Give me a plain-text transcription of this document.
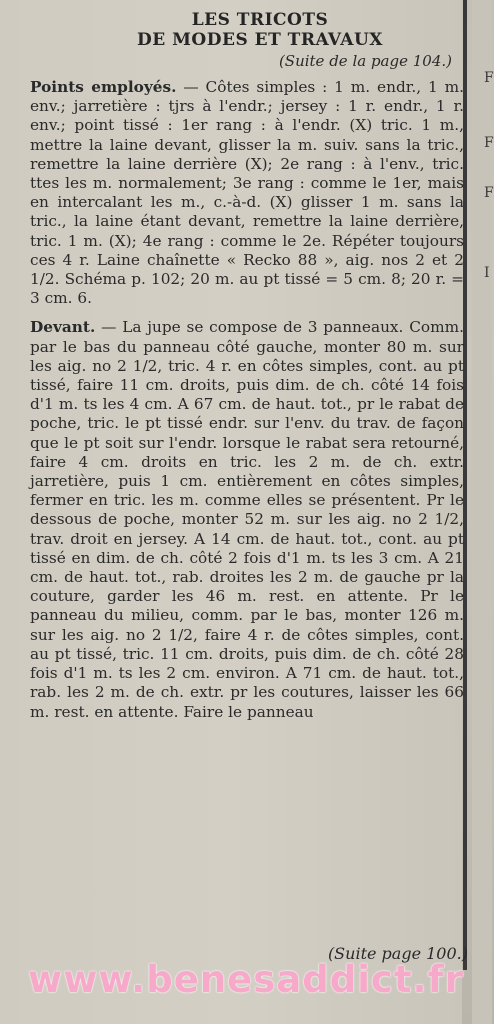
F
F
F
I
LES TRICOTS
DE MODES ET TRAVAUX
(Suite de la page 104.)

Points employés. — Côtes simples : 1 m. endr., 1 m. env.; jarretière : tjrs à l'endr.; jersey : 1 r. endr., 1 r. env.; point tissé : 1er rang : à l'endr. (X) tric. 1 m., mettre la laine devant, glisser la m. suiv. sans la tric., remettre la laine derrière (X); 2e rang : à l'env., tric. ttes les m. normalement; 3e rang : comme le 1er, mais en intercalant les m., c.-à-d. (X) glisser 1 m. sans la tric., la laine étant devant, remettre la laine derrière, tric. 1 m. (X); 4e rang : comme le 2e. Répéter toujours ces 4 r. Laine chaînette « Recko 88 », aig. nos 2 et 2 1/2. Schéma p. 102; 20 m. au pt tissé = 5 cm. 8; 20 r. = 3 cm. 6.

Devant. — La jupe se compose de 3 panneaux. Comm. par le bas du panneau côté gauche, monter 80 m. sur les aig. no 2 1/2, tric. 4 r. en côtes simples, cont. au pt tissé, faire 11 cm. droits, puis dim. de ch. côté 14 fois d'1 m. ts les 4 cm. A 67 cm. de haut. tot., pr le rabat de poche, tric. le pt tissé endr. sur l'env. du trav. de façon que le pt soit sur l'endr. lorsque le rabat sera retourné, faire 4 cm. droits en tric. les 2 m. de ch. extr. jarretière, puis 1 cm. entièrement en côtes simples, fermer en tric. les m. comme elles se présentent. Pr le dessous de poche, monter 52 m. sur les aig. no 2 1/2, trav. droit en jersey. A 14 cm. de haut. tot., cont. au pt tissé en dim. de ch. côté 2 fois d'1 m. ts les 3 cm. A 21 cm. de haut. tot., rab. droites les 2 m. de gauche pr la couture, garder les 46 m. rest. en attente. Pr le panneau du milieu, comm. par le bas, monter 126 m. sur les aig. no 2 1/2, faire 4 r. de côtes simples, cont. au pt tissé, tric. 11 cm. droits, puis dim. de ch. côté 28 fois d'1 m. ts les 2 cm. environ. A 71 cm. de haut. tot., rab. les 2 m. de ch. extr. pr les coutures, laisser les 66 m. rest. en attente. Faire le panneau

(Suite page 100.)
www.benesaddict.fr
